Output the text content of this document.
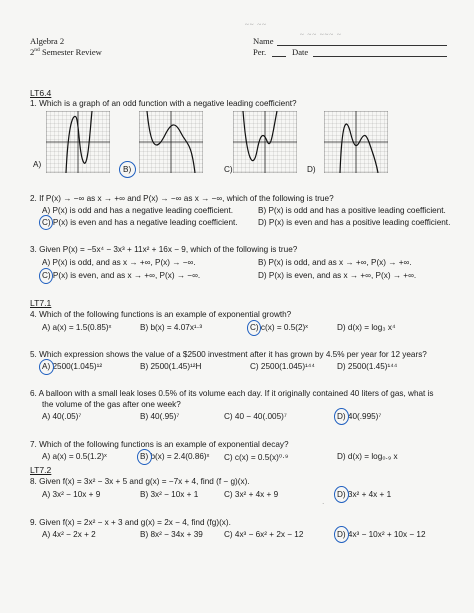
Algebra 2
2nd Semester Review
Name
~ ~~ ~~~ ~
~~ ~~
Per.	Date
LT6.4
1. Which is a graph of an odd function with a negative leading coefficient?
A)
B)	C)	D)
2. If P(x) → −∞ as x → +∞ and P(x) → −∞ as x → −∞, which of the following is true?
A) P(x) is odd and has a negative leading coefficient.	B) P(x) is odd and has a positive leading coefficient.
C) P(x) is even and has a negative leading coefficient. D) P(x) is even and has a positive leading coefficient.
3. Given P(x) = −5x⁴ − 3x³ + 11x² + 16x − 9, which of the following is true?
A) P(x) is odd, and as x → +∞, P(x) → −∞.	B) P(x) is odd, and as x → +∞, P(x) → +∞.
C) P(x) is even, and as x → +∞, P(x) → −∞.	D) P(x) is even, and as x → +∞, P(x) → +∞.
LT7.1
4. Which of the following functions is an example of exponential growth?
A) a(x) = 1.5(0.85)ˣ	B) b(x) = 4.07x¹·³	C) c(x) = 0.5(2)ˣ	D) d(x) = log₃ x⁴
5. Which expression shows the value of a $2500 investment after it has grown by 4.5% per year for 12 years?
A) 2500(1.045)¹²	B) 2500(1.45)¹²H	C) 2500(1.045)¹⁴⁴	D) 2500(1.45)¹⁴⁴
6. A balloon with a small leak loses 0.5% of its volume each day. If it originally contained 40 liters of gas, what is
the volume of the gas after one week?
A) 40(.05)⁷	B) 40(.95)⁷	C) 40 − 40(.005)⁷	D) 40(.995)⁷
7. Which of the following functions is an example of exponential decay?
A) a(x) = 0.5(1.2)ˣ	B) b(x) = 2.4(0.86)ˣ C) c(x) = 0.5(x)⁰·⁹	D) d(x) = log₀.₉ x
LT7.2
8. Given f(x) = 3x² − 3x + 5 and g(x) = −7x + 4, find (f − g)(x).
A) 3x² − 10x + 9	B) 3x² − 10x + 1	C) 3x² + 4x + 9	D) 3x² + 4x + 1
·
9. Given f(x) = 2x² − x + 3 and g(x) = 2x − 4, find (fg)(x).
A) 4x² − 2x + 2	B) 8x² − 34x + 39	C) 4x³ − 6x² + 2x − 12	D) 4x³ − 10x² + 10x − 12
